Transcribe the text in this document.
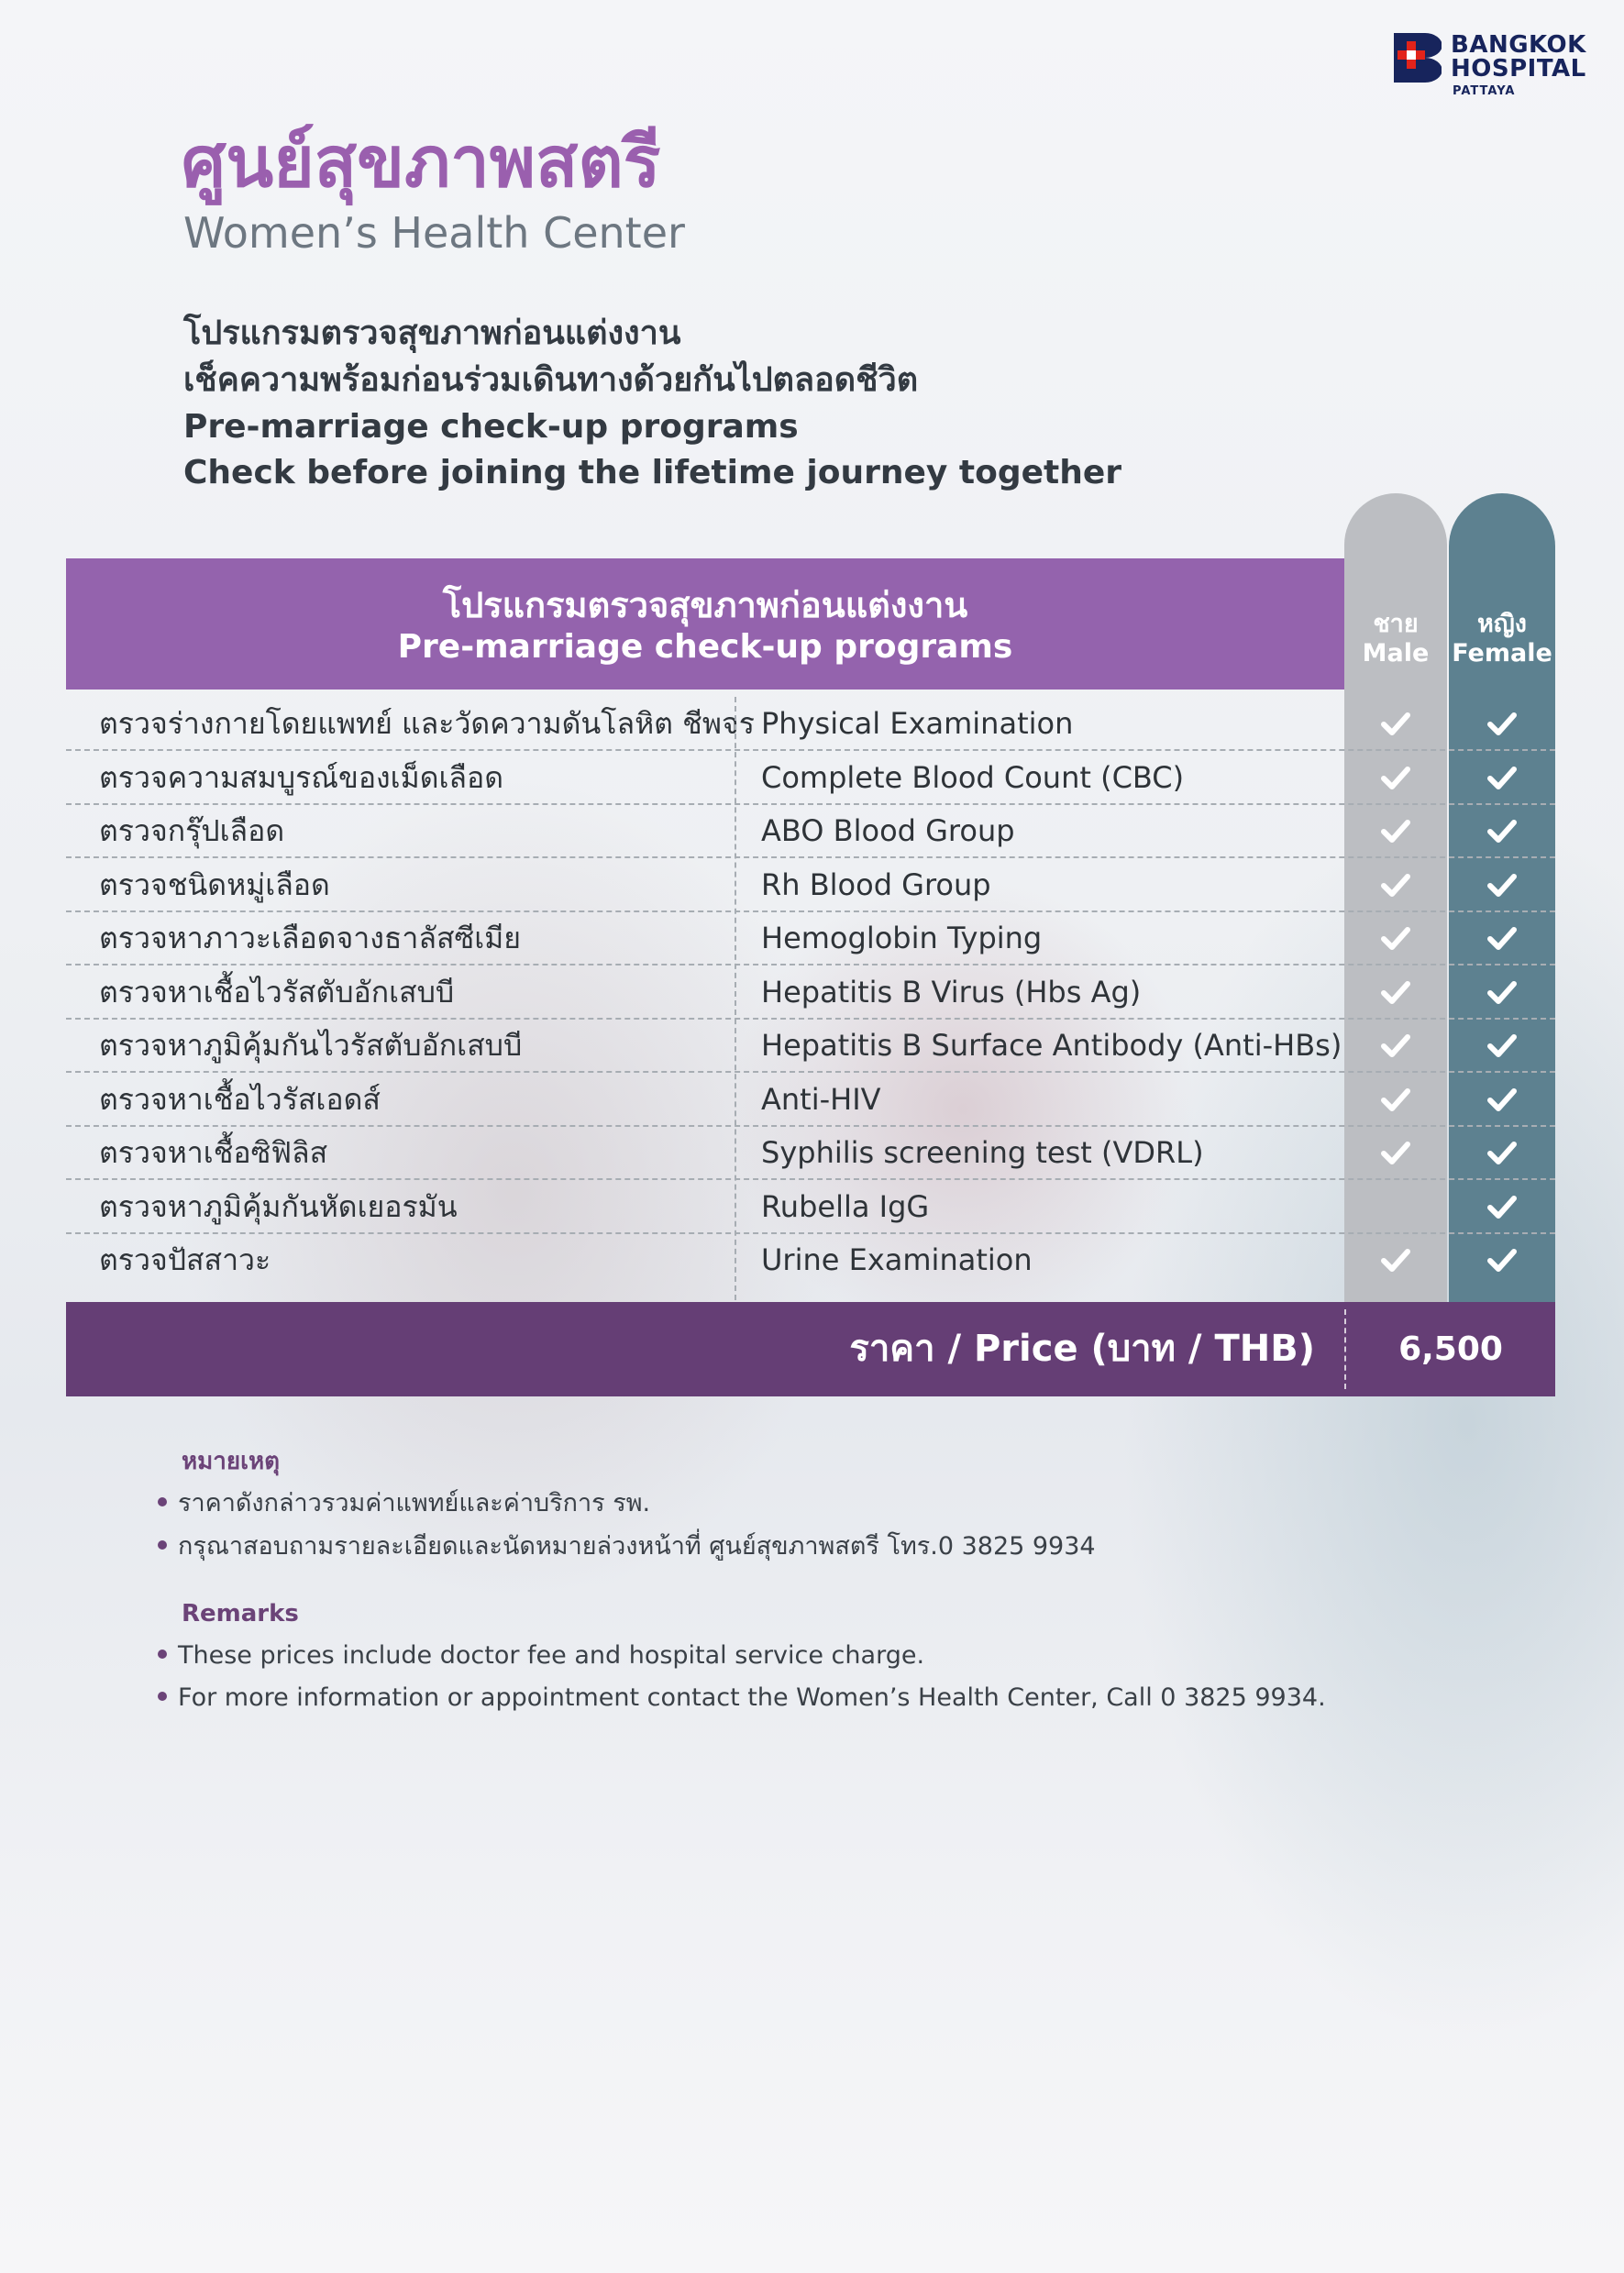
BANGKOK
HOSPITAL
PATTAYA
ศูนย์สุขภาพสตรี
Women’s Health Center
โปรแกรมตรวจสุขภาพก่อนแต่งงาน
เช็คความพร้อมก่อนร่วมเดินทางด้วยกันไปตลอดชีวิต
Pre-marriage check-up programs
Check before joining the lifetime journey together
ชาย
Male
หญิง
Female
โปรแกรมตรวจสุขภาพก่อนแต่งงาน
Pre-marriage check-up programs
ตรวจร่างกายโดยแพทย์ และวัดความดันโลหิต ชีพจร Physical Examination
ตรวจความสมบูรณ์ของเม็ดเลือด	Complete Blood Count (CBC)
ตรวจกรุ๊ปเลือด	ABO Blood Group
ตรวจชนิดหมู่เลือด	Rh Blood Group
ตรวจหาภาวะเลือดจางธาลัสซีเมีย	Hemoglobin Typing
ตรวจหาเชื้อไวรัสตับอักเสบบี	Hepatitis B Virus (Hbs Ag)
ตรวจหาภูมิคุ้มกันไวรัสตับอักเสบบี	Hepatitis B Surface Antibody (Anti-HBs)
ตรวจหาเชื้อไวรัสเอดส์	Anti-HIV
ตรวจหาเชื้อซิฟิลิส	Syphilis screening test (VDRL)
ตรวจหาภูมิคุ้มกันหัดเยอรมัน	Rubella IgG
ตรวจปัสสาวะ	Urine Examination
ราคา / Price (บาท / THB)	6,500
หมายเหตุ
ราคาดังกล่าวรวมค่าแพทย์และค่าบริการ รพ.
กรุณาสอบถามรายละเอียดและนัดหมายล่วงหน้าที่ ศูนย์สุขภาพสตรี โทร.0 3825 9934
Remarks
These prices include doctor fee and hospital service charge.
For more information or appointment contact the Women’s Health Center, Call 0 3825 9934.
